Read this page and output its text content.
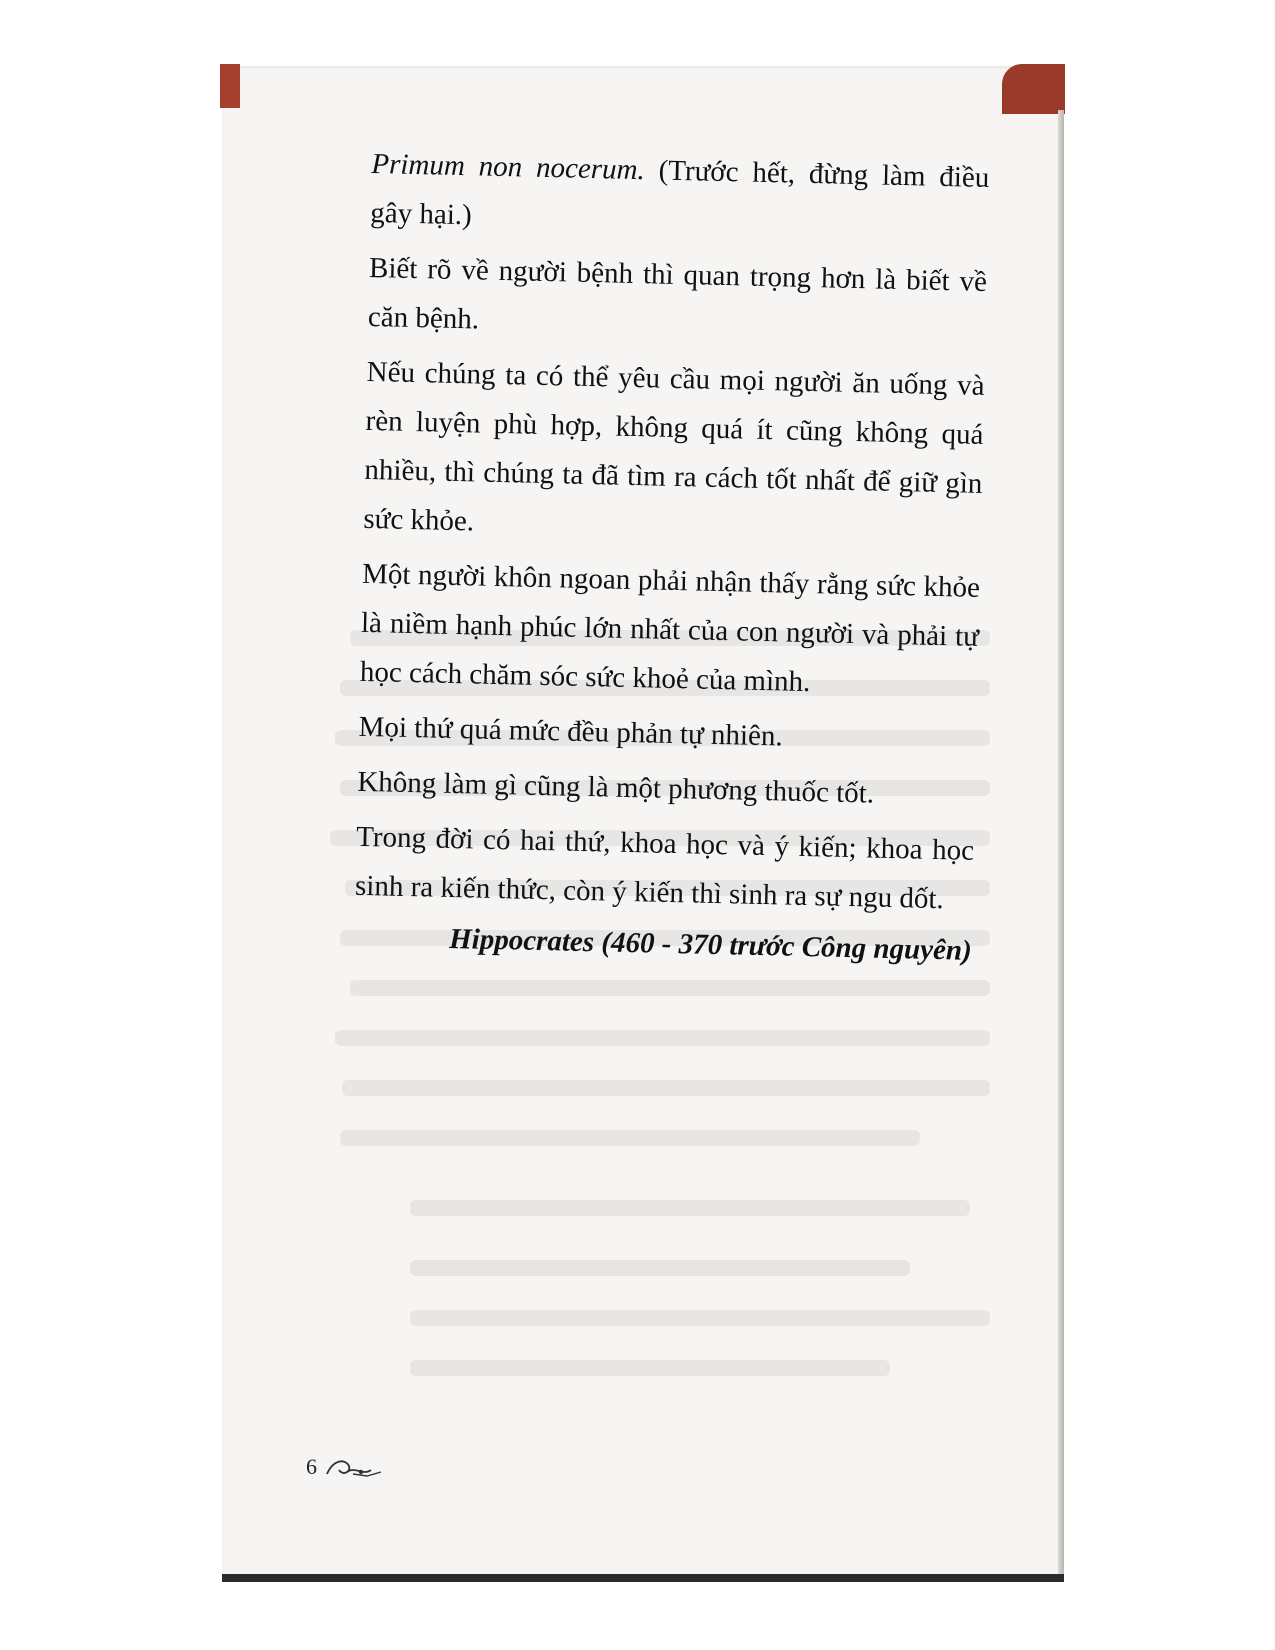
Primum non nocerum. (Trước hết, đừng làm điều gây hại.)

Biết rõ về người bệnh thì quan trọng hơn là biết về căn bệnh.

Nếu chúng ta có thể yêu cầu mọi người ăn uống và rèn luyện phù hợp, không quá ít cũng không quá nhiều, thì chúng ta đã tìm ra cách tốt nhất để giữ gìn sức khỏe.

Một người khôn ngoan phải nhận thấy rằng sức khỏe là niềm hạnh phúc lớn nhất của con người và phải tự học cách chăm sóc sức khoẻ của mình.

Mọi thứ quá mức đều phản tự nhiên.

Không làm gì cũng là một phương thuốc tốt.

Trong đời có hai thứ, khoa học và ý kiến; khoa học sinh ra kiến thức, còn ý kiến thì sinh ra sự ngu dốt.

Hippocrates (460 - 370 trước Công nguyên)
6
